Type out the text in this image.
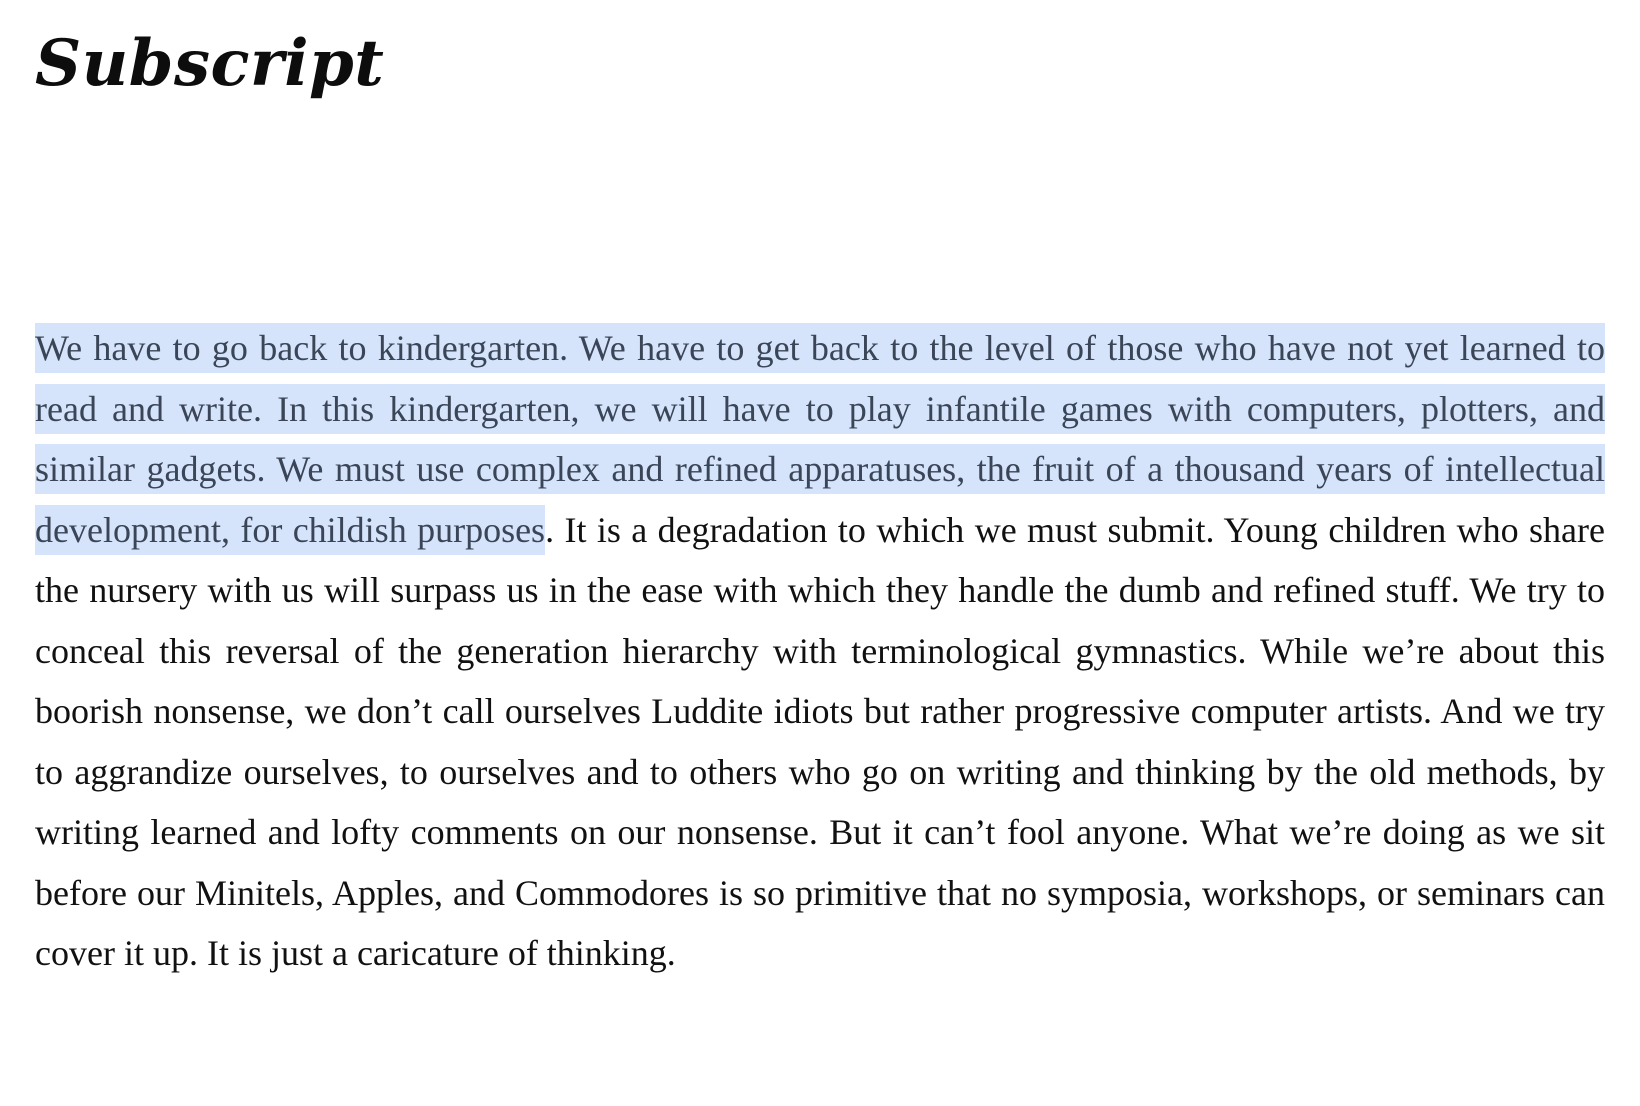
Subscript

We have to go back to kindergarten. We have to get back to the level of those who have not yet learned to read and write. In this kindergarten, we will have to play infantile games with computers, plotters, and similar gadgets. We must use complex and refined apparatuses, the fruit of a thousand years of intellectual development, for childish purposes. It is a degradation to which we must submit. Young children who share the nursery with us will surpass us in the ease with which they handle the dumb and refined stuff. We try to conceal this reversal of the generation hierarchy with terminological gymnastics. While we’re about this boorish nonsense, we don’t call ourselves Luddite idiots but rather progressive computer artists. And we try to aggrandize ourselves, to ourselves and to others who go on writing and thinking by the old methods, by writing learned and lofty comments on our nonsense. But it can’t fool anyone. What we’re doing as we sit before our Minitels, Apples, and Commodores is so primitive that no symposia, workshops, or seminars can cover it up. It is just a caricature of thinking.
